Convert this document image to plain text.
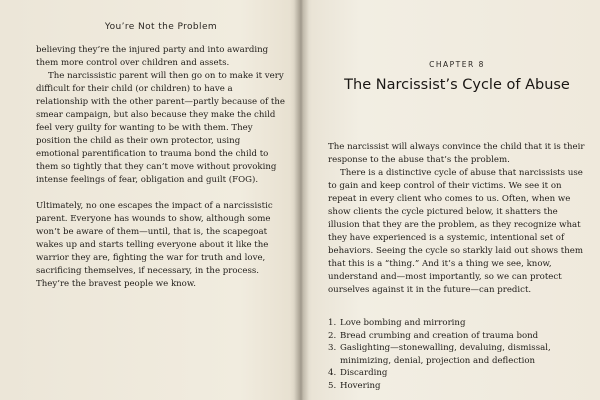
You’re Not the Problem

believing they’re the injured party and into awarding them more control over children and assets.

The narcissistic parent will then go on to make it very difficult for their child (or children) to have a relationship with the other parent—partly because of the smear campaign, but also because they make the child feel very guilty for wanting to be with them. They position the child as their own protector, using emotional parentification to trauma bond the child to them so tightly that they can’t move without provoking intense feelings of fear, obligation and guilt (FOG).

Ultimately, no one escapes the impact of a narcissistic parent. Everyone has wounds to show, although some won’t be aware of them—until, that is, the scapegoat wakes up and starts telling everyone about it like the warrior they are, fighting the war for truth and love, sacrificing themselves, if necessary, in the process. They’re the bravest people we know.

CHAPTER 8
The Narcissist’s Cycle of Abuse

The narcissist will always convince the child that it is their response to the abuse that’s the problem.

There is a distinctive cycle of abuse that narcissists use to gain and keep control of their victims. We see it on repeat in every client who comes to us. Often, when we show clients the cycle pictured below, it shatters the illusion that they are the problem, as they recognize what they have experienced is a systemic, intentional set of behaviors. Seeing the cycle so starkly laid out shows them that this is a “thing.” And it’s a thing we see, know, understand and—most importantly, so we can protect ourselves against it in the future—can predict.

1. Love bombing and mirroring
2. Bread crumbing and creation of trauma bond
3. Gaslighting—stonewalling, devaluing, dismissal, minimizing, denial, projection and deflection
4. Discarding
5. Hovering
